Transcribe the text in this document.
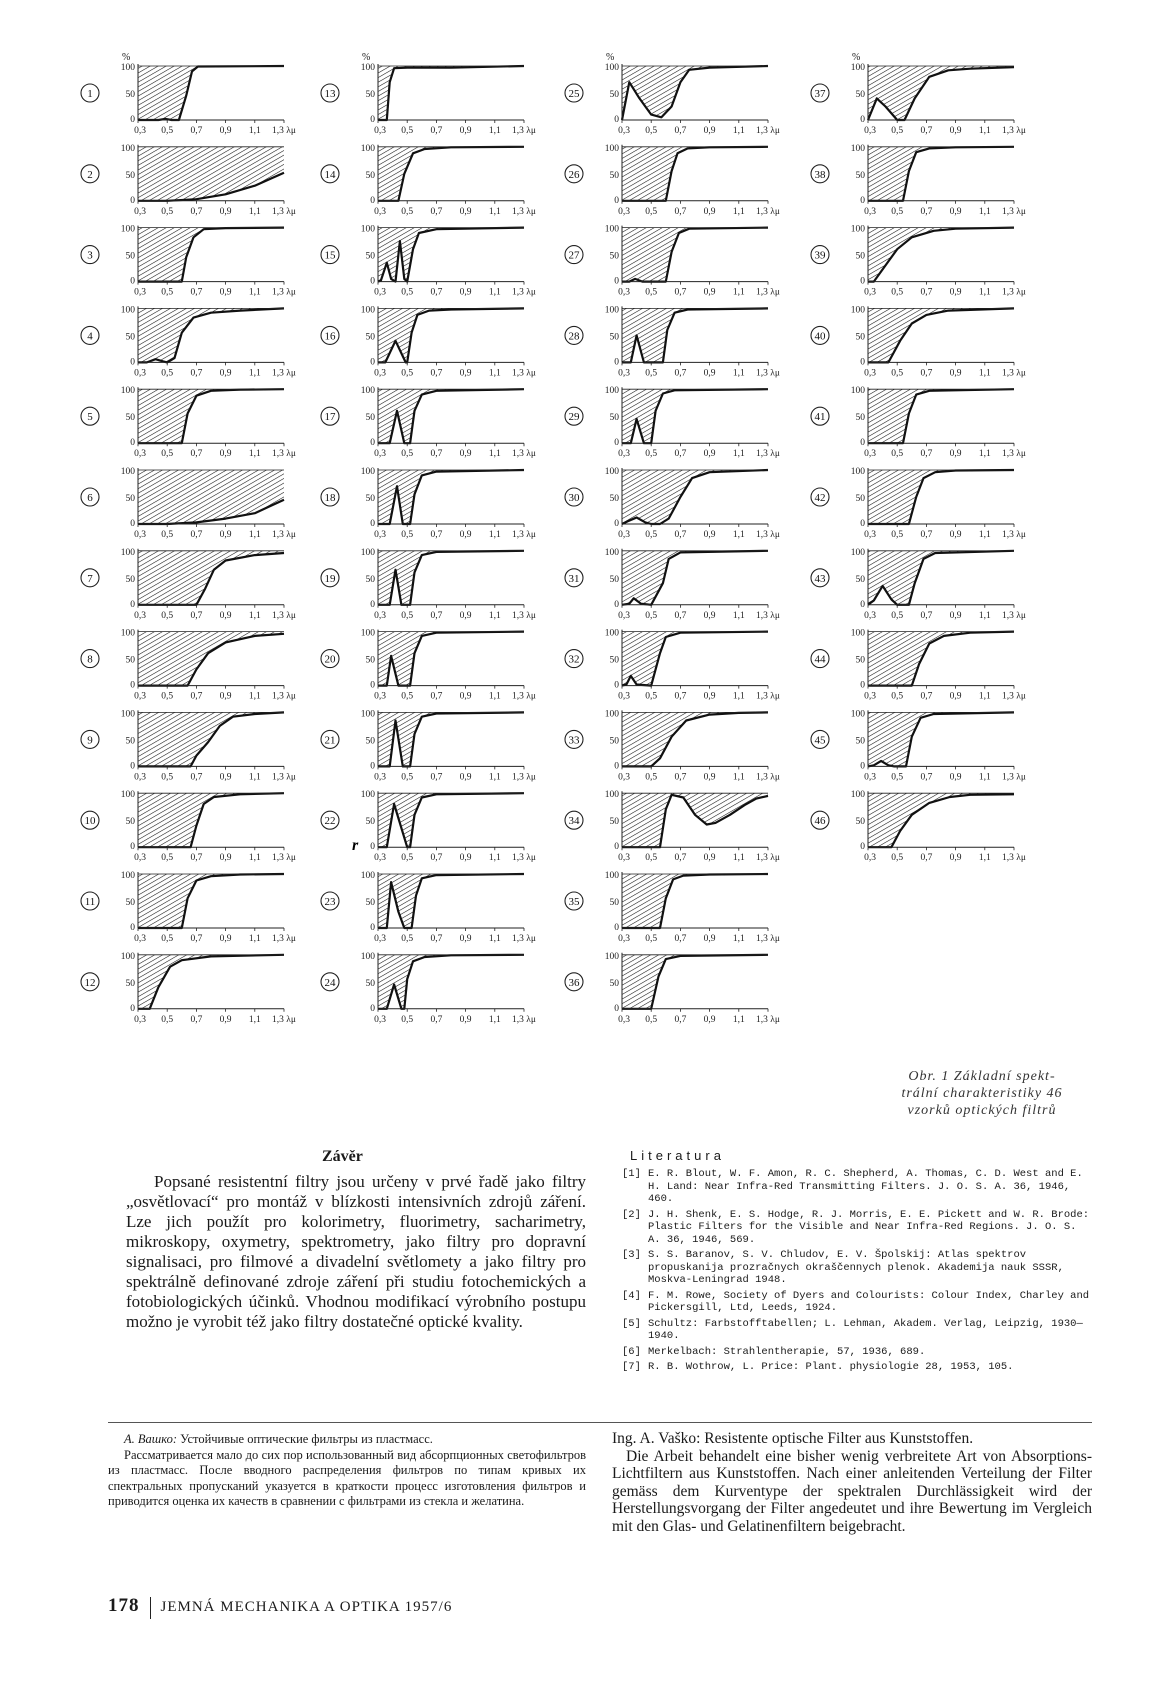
100
50
0
0,3 0,5 0,7 0,9 1,1 1,3 λμ
%
1
100
50
0
0,3 0,5 0,7 0,9 1,1 1,3 λμ
2
100
50
0
0,3 0,5 0,7 0,9 1,1 1,3 λμ
3
100
50
0
0,3 0,5 0,7 0,9 1,1 1,3 λμ
4
100
50
0
0,3 0,5 0,7 0,9 1,1 1,3 λμ
5
100
50
0
0,3 0,5 0,7 0,9 1,1 1,3 λμ
6
100
50
0
0,3 0,5 0,7 0,9 1,1 1,3 λμ
7
100
50
0
0,3 0,5 0,7 0,9 1,1 1,3 λμ
8
100
50
0
0,3 0,5 0,7 0,9 1,1 1,3 λμ
9
100
50
0
0,3 0,5 0,7 0,9 1,1 1,3 λμ
10
100
50
0
0,3 0,5 0,7 0,9 1,1 1,3 λμ
11
100
50
0
0,3 0,5 0,7 0,9 1,1 1,3 λμ
12
100
50
0
0,3 0,5 0,7 0,9 1,1 1,3 λμ
%
13
100
50
0
0,3 0,5 0,7 0,9 1,1 1,3 λμ
14
100
50
0
0,3 0,5 0,7 0,9 1,1 1,3 λμ
15
100
50
0
0,3 0,5 0,7 0,9 1,1 1,3 λμ
16
100
50
0
0,3 0,5 0,7 0,9 1,1 1,3 λμ
17
100
50
0
0,3 0,5 0,7 0,9 1,1 1,3 λμ
18
100
50
0
0,3 0,5 0,7 0,9 1,1 1,3 λμ
19
100
50
0
0,3 0,5 0,7 0,9 1,1 1,3 λμ
20
100
50
0
0,3 0,5 0,7 0,9 1,1 1,3 λμ
21
100
50
0
0,3 0,5 0,7 0,9 1,1 1,3 λμ
22
100
50
0
0,3 0,5 0,7 0,9 1,1 1,3 λμ
23
100
50
0
0,3 0,5 0,7 0,9 1,1 1,3 λμ
24
100
50
0
0,3 0,5 0,7 0,9 1,1 1,3 λμ
%
25
100
50
0
0,3 0,5 0,7 0,9 1,1 1,3 λμ
26
100
50
0
0,3 0,5 0,7 0,9 1,1 1,3 λμ
27
100
50
0
0,3 0,5 0,7 0,9 1,1 1,3 λμ
28
100
50
0
0,3 0,5 0,7 0,9 1,1 1,3 λμ
29
100
50
0
0,3 0,5 0,7 0,9 1,1 1,3 λμ
30
100
50
0
0,3 0,5 0,7 0,9 1,1 1,3 λμ
31
100
50
0
0,3 0,5 0,7 0,9 1,1 1,3 λμ
32
100
50
0
0,3 0,5 0,7 0,9 1,1 1,3 λμ
33
100
50
0
0,3 0,5 0,7 0,9 1,1 1,3 λμ
34
100
50
0
0,3 0,5 0,7 0,9 1,1 1,3 λμ
35
100
50
0
0,3 0,5 0,7 0,9 1,1 1,3 λμ
36
100
50
0
0,3 0,5 0,7 0,9 1,1 1,3 λμ
%
37
100
50
0
0,3 0,5 0,7 0,9 1,1 1,3 λμ
38
100
50
0
0,3 0,5 0,7 0,9 1,1 1,3 λμ
39
100
50
0
0,3 0,5 0,7 0,9 1,1 1,3 λμ
40
100
50
0
0,3 0,5 0,7 0,9 1,1 1,3 λμ
41
100
50
0
0,3 0,5 0,7 0,9 1,1 1,3 λμ
42
100
50
0
0,3 0,5 0,7 0,9 1,1 1,3 λμ
43
100
50
0
0,3 0,5 0,7 0,9 1,1 1,3 λμ
44
100
50
0
0,3 0,5 0,7 0,9 1,1 1,3 λμ
45
100
50
0
0,3 0,5 0,7 0,9 1,1 1,3 λμ
46
r
Obr. 1 Základní spekt-
trální charakteristiky 46
vzorků optických filtrů
Závěr

Popsané resistentní filtry jsou určeny v prvé řadě jako filtry „osvětlovací“ pro montáž v blízkosti intensivních zdrojů záření. Lze jich použít pro kolorimetry, fluorimetry, sacharimetry, mikroskopy, oxymetry, spektrometry, jako filtry pro dopravní signalisaci, pro filmové a divadelní světlomety a jako filtry pro spektrálně definované zdroje záření při studiu fotochemických a fotobiologických účinků. Vhodnou modifikací výrobního postupu možno je vyrobit též jako filtry dostatečné optické kvality.

Literatura
[1] E. R. Blout, W. F. Amon, R. C. Shepherd, A. Thomas, C. D. West and E. H. Land: Near Infra-Red Transmitting Filters. J. O. S. A. 36, 1946, 460.
[2] J. H. Shenk, E. S. Hodge, R. J. Morris, E. E. Pickett and W. R. Brode: Plastic Filters for the Visible and Near Infra-Red Regions. J. O. S. A. 36, 1946, 569.
[3] S. S. Baranov, S. V. Chludov, E. V. Špolskij: Atlas spektrov propuskanija prozračnych okraščennych plenok. Akademija nauk SSSR, Moskva-Leningrad 1948.
[4] F. M. Rowe, Society of Dyers and Colourists: Colour Index, Charley and Pickersgill, Ltd, Leeds, 1924.
[5] Schultz: Farbstofftabellen; L. Lehman, Akadem. Verlag, Leipzig, 1930—1940.
[6] Merkelbach: Strahlentherapie, 57, 1936, 689.
[7] R. B. Wothrow, L. Price: Plant. physiologie 28, 1953, 105.

А. Вашко: Устойчивые оптические фильтры из пластмасс.

Рассматривается мало до сих пор использованный вид абсорпционных светофильтров из пластмасс. После вводного распределения фильтров по типам кривых их спектральных пропусканий указуется в краткости процесс изготовления фильтров и приводится оценка их качеств в сравнении с фильтрами из стекла и желатина.

Ing. A. Vaško: Resistente optische Filter aus Kunststoffen.

Die Arbeit behandelt eine bisher wenig verbreitete Art von Absorptions-Lichtfiltern aus Kunststoffen. Nach einer anleitenden Verteilung der Filter gemäss dem Kurventype der spektralen Durchlässigkeit wird der Herstellungsvorgang der Filter angedeutet und ihre Bewertung im Vergleich mit den Glas- und Gelatinenfiltern beigebracht.

178 JEMNÁ MECHANIKA A OPTIKA 1957/6
